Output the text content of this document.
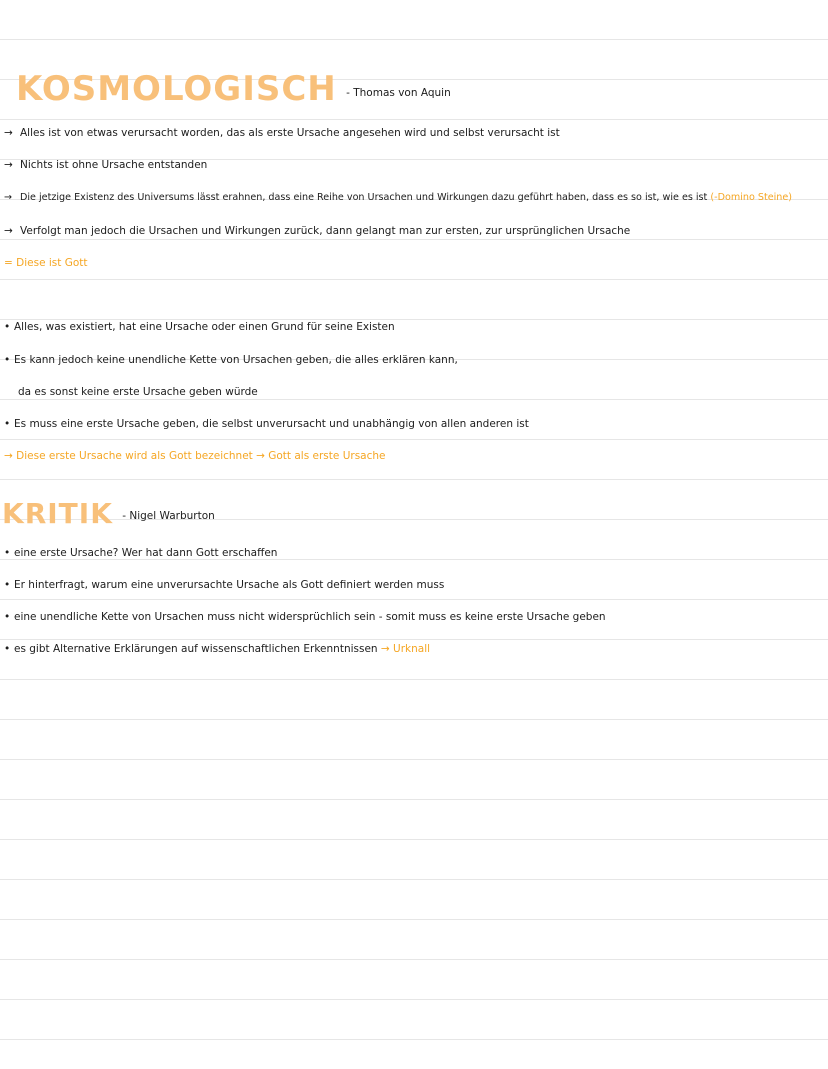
KOSMOLOGISCH - Thomas von Aquin
→ Alles ist von etwas verursacht worden, das als erste Ursache angesehen wird und selbst verursacht ist
→ Nichts ist ohne Ursache entstanden
→ Die jetzige Existenz des Universums lässt erahnen, dass eine Reihe von Ursachen und Wirkungen dazu geführt haben, dass es so ist, wie es ist (-Domino Steine)
→ Verfolgt man jedoch die Ursachen und Wirkungen zurück, dann gelangt man zur ersten, zur ursprünglichen Ursache
= Diese ist Gott
• Alles, was existiert, hat eine Ursache oder einen Grund für seine Existen
• Es kann jedoch keine unendliche Kette von Ursachen geben, die alles erklären kann,
da es sonst keine erste Ursache geben würde
• Es muss eine erste Ursache geben, die selbst unverursacht und unabhängig von allen anderen ist
→ Diese erste Ursache wird als Gott bezeichnet → Gott als erste Ursache
KRITIK - Nigel Warburton
• eine erste Ursache? Wer hat dann Gott erschaffen
• Er hinterfragt, warum eine unverursachte Ursache als Gott definiert werden muss
• eine unendliche Kette von Ursachen muss nicht widersprüchlich sein - somit muss es keine erste Ursache geben
• es gibt Alternative Erklärungen auf wissenschaftlichen Erkenntnissen → Urknall
